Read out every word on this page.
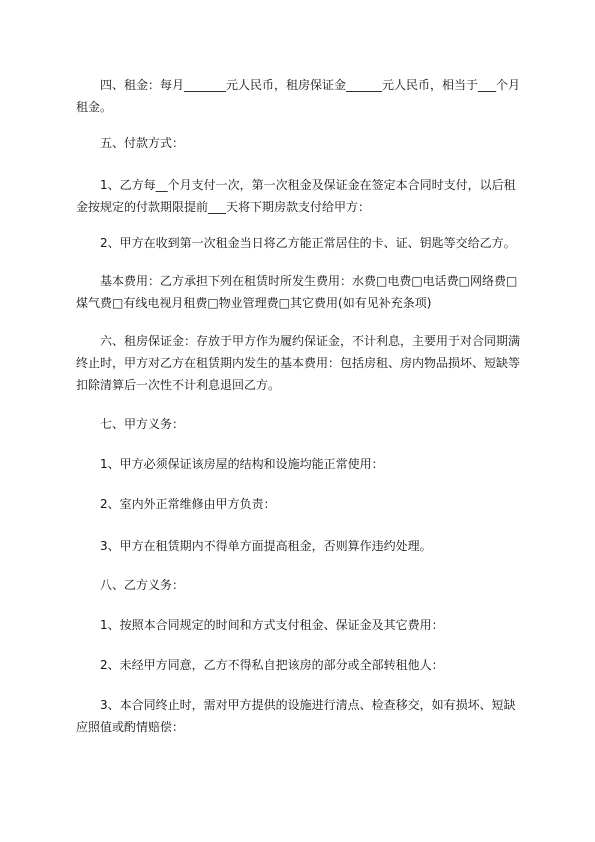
四、租金：每月_______元人民币，租房保证金______元人民币，相当于___个月租金。

五、付款方式：

1、乙方每__个月支付一次，第一次租金及保证金在签定本合同时支付，以后租金按规定的付款期限提前___天将下期房款支付给甲方：

2、甲方在收到第一次租金当日将乙方能正常居住的卡、证、钥匙等交给乙方。

基本费用：乙方承担下列在租赁时所发生费用：水费□电费□电话费□网络费□煤气费□有线电视月租费□物业管理费□其它费用(如有见补充条项)

六、租房保证金：存放于甲方作为履约保证金，不计利息，主要用于对合同期满终止时，甲方对乙方在租赁期内发生的基本费用：包括房租、房内物品损坏、短缺等扣除清算后一次性不计利息退回乙方。

七、甲方义务：

1、甲方必须保证该房屋的结构和设施均能正常使用：

2、室内外正常维修由甲方负责：

3、甲方在租赁期内不得单方面提高租金，否则算作违约处理。

八、乙方义务：

1、按照本合同规定的时间和方式支付租金、保证金及其它费用：

2、未经甲方同意，乙方不得私自把该房的部分或全部转租他人：

3、本合同终止时，需对甲方提供的设施进行清点、检查移交，如有损坏、短缺应照值或酌情赔偿：
